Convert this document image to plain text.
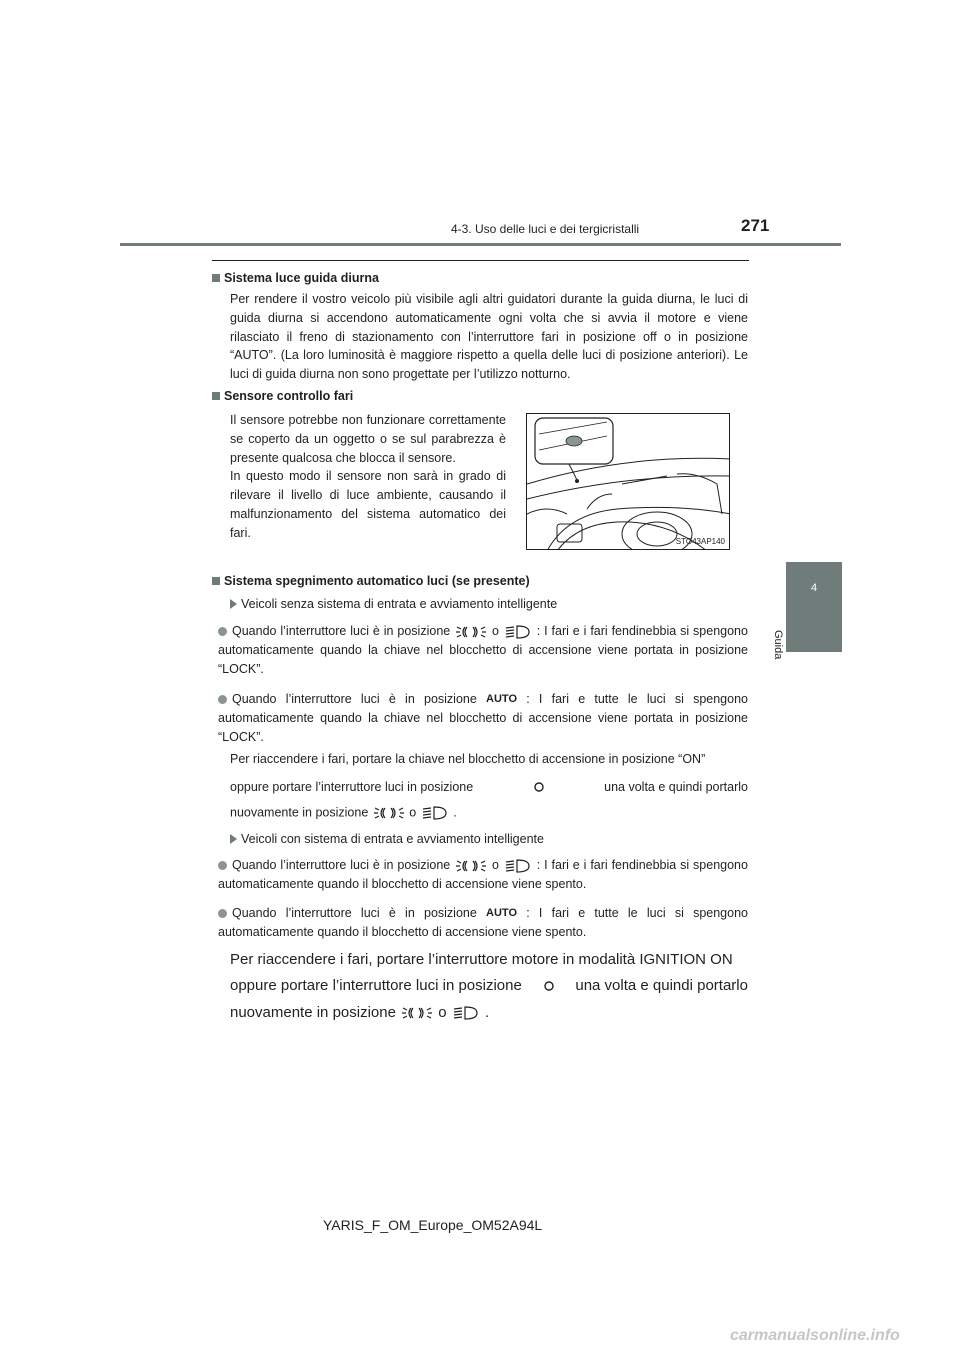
4-3. Uso delle luci e dei tergicristalli	271
4
Guida
Sistema luce guida diurna
Per rendere il vostro veicolo più visibile agli altri guidatori durante la guida diurna, le luci di guida diurna si accendono automaticamente ogni volta che si avvia il motore e viene rilasciato il freno di stazionamento con l’interruttore fari in posizione off o in posizione “AUTO”. (La loro luminosità è maggiore rispetto a quella delle luci di posizione anteriori). Le luci di guida diurna non sono progettate per l’utilizzo notturno.
Sensore controllo fari
Il sensore potrebbe non funzionare correttamente se coperto da un oggetto o se sul parabrezza è presente qualcosa che blocca il sensore.
In questo modo il sensore non sarà in grado di rilevare il livello di luce ambiente, causando il malfunzionamento del sistema automatico dei fari.
STO43AP140
Sistema spegnimento automatico luci (se presente)
Veicoli senza sistema di entrata e avviamento intelligente
Quando l’interruttore luci è in posizione	o	: I fari e i fari fendinebbia si spengono automaticamente quando la chiave nel blocchetto di accensione viene portata in posizione “LOCK”.
Quando l’interruttore luci è in posizione AUTO : I fari e tutte le luci si spengono automaticamente quando la chiave nel blocchetto di accensione viene portata in posizione “LOCK”.
Per riaccendere i fari, portare la chiave nel blocchetto di accensione in posizione “ON”
oppure portare l’interruttore luci in posizione	una volta e quindi portarlo
nuovamente in posizione	o	.
Veicoli con sistema di entrata e avviamento intelligente
Quando l’interruttore luci è in posizione	o	: I fari e i fari fendinebbia si spengono automaticamente quando il blocchetto di accensione viene spento.
Quando l’interruttore luci è in posizione AUTO : I fari e tutte le luci si spengono automaticamente quando il blocchetto di accensione viene spento.
Per riaccendere i fari, portare l’interruttore motore in modalità IGNITION ON
oppure portare l’interruttore luci in posizione	una volta e quindi portarlo
nuovamente in posizione	o	.
YARIS_F_OM_Europe_OM52A94L
carmanualsonline.info
